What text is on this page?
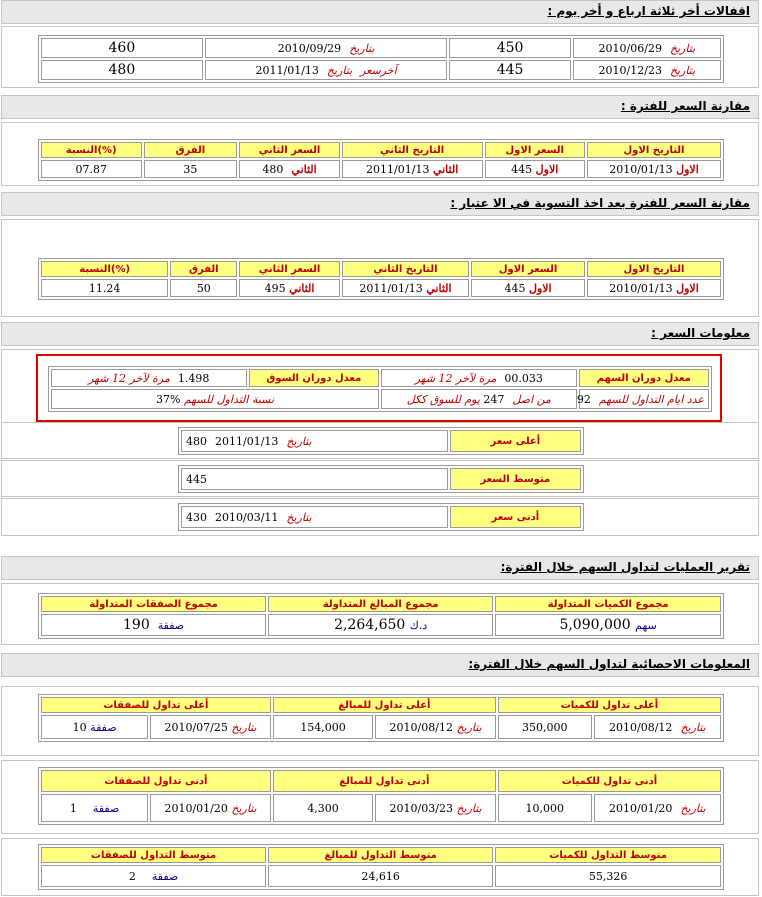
اقفالات أخر ثلاثة ارباع و أخر يوم :
بتاريخ2010/06/29	450	بتاريخ2010/09/29	460
بتاريخ2010/12/23	445	آخرسعربتاريخ2011/01/13	480
مقارنة السعر للفترة :
التاريخ الاول	السعر الاول	التاريخ الثاني	السعر الثاني	الفرق	(%)النسبة
الاول 2010/01/13	الاول 445	الثاني 2011/01/13	الثاني480	35	07.87
مقارنة السعر للفترة بعد اخذ التسوية في الا عتبار :
التاريخ الاول	السعر الاول	التاريخ الثاني	السعر الثاني	الفرق	(%)النسبة
الاول 2010/01/13	الاول 445	الثاني 2011/01/13	الثاني 495	50	11.24
معلومات السعر :
معدل دوران السهم	00.033مرة لآخر 12 شهر	معدل دوران السوق	1.498مرة لآخر 12 شهر
عدد ايام التداول للسهم92	من اصل247 يوم للسوق ككل	نسبة التداول للسهم %37	
أعلى سعر	بتاريخ2011/01/13480
متوسط السعر	445
أدنى سعر	بتاريخ2010/03/11430
تقرير العمليات لتداول السهم خلال الفترة:
مجموع الكميات المتداولة	مجموع المبالغ المتداولة	مجموع الصفقات المتداولة
سهم 5,090,000	د.ك 2,264,650	صفقة190
المعلومات الاحصائية لتداول السهم خلال الفترة:
أعلى تداول للكميات		أعلى تداول للمبالغ		أعلى تداول للصفقات	
بتاريخ2010/08/12	350,000	بتاريخ 2010/08/12	154,000	بتاريخ 2010/07/25	صفقة 10
أدنى تداول للكميات		أدنى تداول للمبالغ		أدنى تداول للصفقات	
بتاريخ2010/01/20	10,000	بتاريخ 2010/03/23	4,300	بتاريخ 2010/01/20	صفقة1
متوسط التداول للكميات	متوسط التداول للمبالغ	متوسط التداول للصفقات
55,326	24,616	صفقة2
